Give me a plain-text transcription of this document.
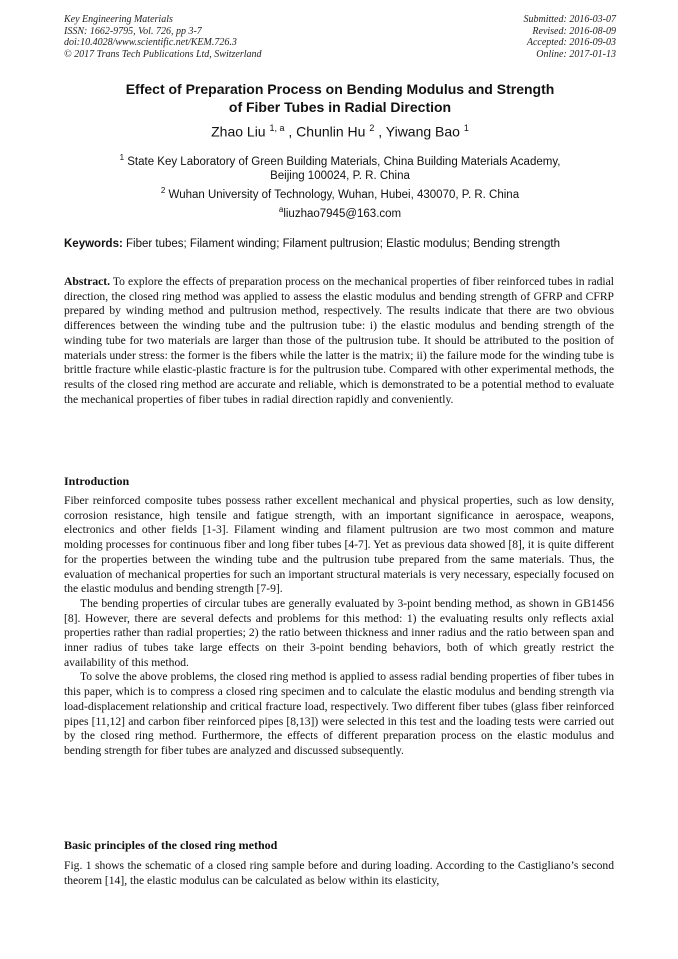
Key Engineering Materials
ISSN: 1662-9795, Vol. 726, pp 3-7
doi:10.4028/www.scientific.net/KEM.726.3
© 2017 Trans Tech Publications Ltd, Switzerland
Submitted: 2016-03-07
Revised: 2016-08-09
Accepted: 2016-09-03
Online: 2017-01-13
Effect of Preparation Process on Bending Modulus and Strength
of Fiber Tubes in Radial Direction
Zhao Liu $^{1, a}$ , Chunlin Hu $^2$ , Yiwang Bao $^1$
$^1$ State Key Laboratory of Green Building Materials, China Building Materials Academy,
Beijing 100024, P. R. China
$^2$ Wuhan University of Technology, Wuhan, Hubei, 430070, P. R. China
$^a$liuzhao7945@163.com
Keywords: Fiber tubes; Filament winding; Filament pultrusion; Elastic modulus; Bending strength

Abstract. To explore the effects of preparation process on the mechanical properties of fiber reinforced tubes in radial direction, the closed ring method was applied to assess the elastic modulus and bending strength of GFRP and CFRP prepared by winding method and pultrusion method, respectively. The results indicate that there are two obvious differences between the winding tube and the pultrusion tube: i) the elastic modulus and bending strength of the winding tube for two materials are larger than those of the pultrusion tube. It should be attributed to the position of materials under stress: the former is the fibers while the latter is the matrix; ii) the failure mode for the winding tube is brittle fracture while elastic-plastic fracture is for the pultrusion tube. Compared with other experimental methods, the results of the closed ring method are accurate and reliable, which is demonstrated to be a potential method to evaluate the mechanical properties of fiber tubes in radial direction rapidly and conveniently.

Introduction

Fiber reinforced composite tubes possess rather excellent mechanical and physical properties, such as low density, corrosion resistance, high tensile and fatigue strength, with an important significance in aerospace, weapons, electronics and other fields [1-3]. Filament winding and filament pultrusion are two most common and mature molding processes for continuous fiber and long fiber tubes [4-7]. Yet as previous data showed [8], it is quite different for the properties between the winding tube and the pultrusion tube prepared from the same materials. Thus, the evaluation of mechanical properties for such an important structural materials is very necessary, especially focused on the elastic modulus and bending strength [7-9].

The bending properties of circular tubes are generally evaluated by 3-point bending method, as shown in GB1456 [8]. However, there are several defects and problems for this method: 1) the evaluating results only reflects axial properties rather than radial properties; 2) the ratio between thickness and inner radius and the ratio between span and inner radius of tubes take large effects on their 3-point bending behaviors, both of which greatly restrict the availability of this method.

To solve the above problems, the closed ring method is applied to assess radial bending properties of fiber tubes in this paper, which is to compress a closed ring specimen and to calculate the elastic modulus and bending strength via load-displacement relationship and critical fracture load, respectively. Two different fiber tubes (glass fiber reinforced pipes [11,12] and carbon fiber reinforced pipes [8,13]) were selected in this test and the loading tests were carried out by the closed ring method. Furthermore, the effects of different preparation process on the elastic modulus and bending strength for fiber tubes are analyzed and discussed subsequently.

Basic principles of the closed ring method

Fig. 1 shows the schematic of a closed ring sample before and during loading. According to the Castigliano’s second theorem [14], the elastic modulus can be calculated as below within its elasticity,
